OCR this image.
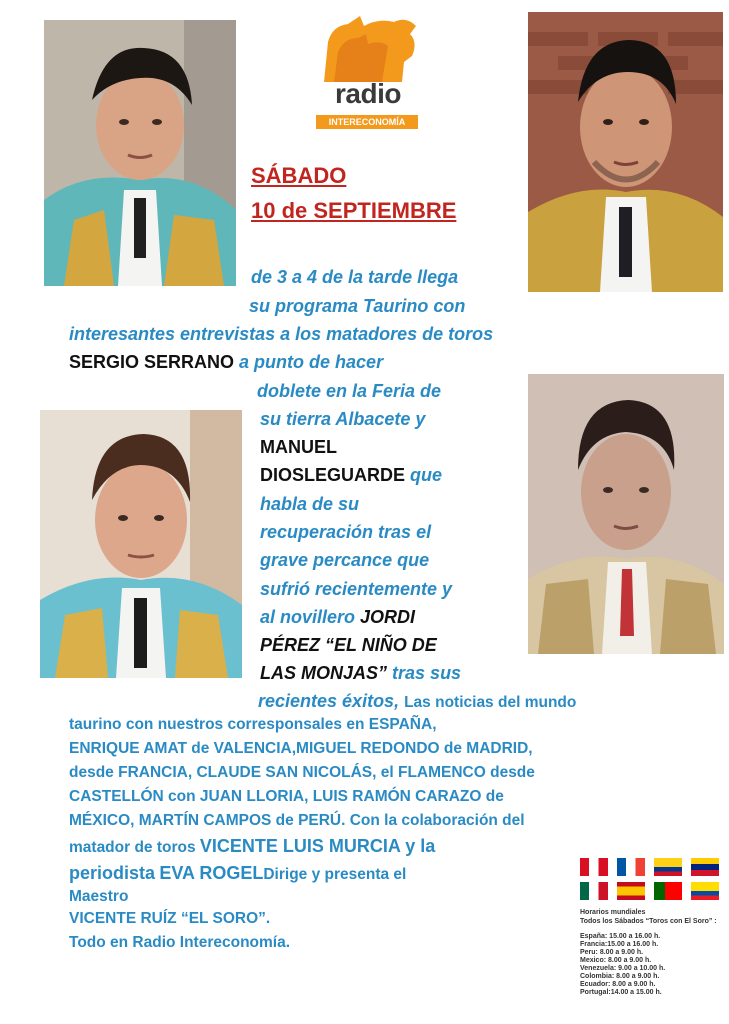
radio
INTERECONOMÍA
SÁBADO
10 de SEPTIEMBRE
de 3 a 4 de la tarde llega
su programa Taurino con
interesantes entrevistas a los matadores de toros
SERGIO SERRANO a punto de hacer
doblete en la Feria de
su tierra Albacete y
MANUEL
DIOSLEGUARDE que
habla de su
recuperación tras el
grave percance que
sufrió recientemente y
al novillero JORDI
PÉREZ “EL NIÑO DE
LAS MONJAS” tras sus
recientes éxitos, Las noticias del mundo
taurino con nuestros corresponsales en ESPAÑA,
ENRIQUE AMAT de VALENCIA,MIGUEL REDONDO de MADRID,
desde FRANCIA, CLAUDE SAN NICOLÁS, el FLAMENCO desde
CASTELLÓN con JUAN LLORIA, LUIS RAMÓN CARAZO de
MÉXICO, MARTÍN CAMPOS de PERÚ. Con la colaboración del
matador de toros VICENTE LUIS MURCIA y la
periodista EVA ROGELDirige y presenta el
Maestro
VICENTE RUÍZ “EL SORO”.
Todo en Radio Intereconomía.
Horarios mundiales
Todos los Sábados “Toros con El Soro” :
España: 15.00 a 16.00 h.
Francia:15.00 a 16.00 h.
Peru: 8.00 a 9.00 h.
Mexico: 8.00 a 9.00 h.
Venezuela: 9.00 a 10.00 h.
Colombia: 8.00 a 9.00 h.
Ecuador: 8.00 a 9.00 h.
Portugal:14.00 a 15.00 h.
